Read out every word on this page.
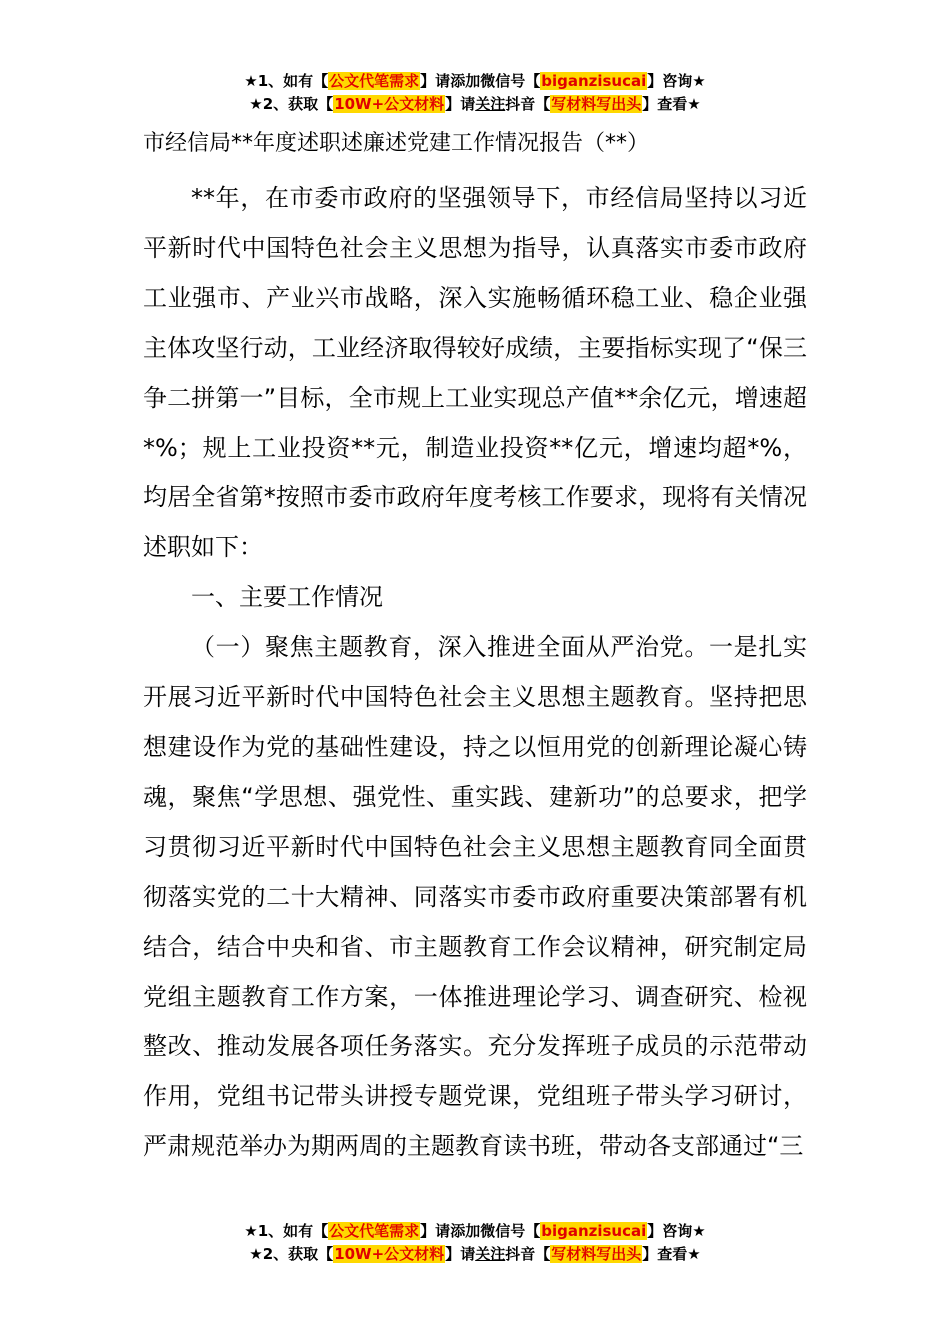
★1、如有【公文代笔需求】请添加微信号【biganzisucai】咨询★
★2、获取【10W+公文材料】请关注抖音【写材料写出头】查看★
市经信局**年度述职述廉述党建工作情况报告（**）

**年，在市委市政府的坚强领导下，市经信局坚持以习近平新时代中国特色社会主义思想为指导，认真落实市委市政府工业强市、产业兴市战略，深入实施畅循环稳工业、稳企业强主体攻坚行动，工业经济取得较好成绩，主要指标实现了“保三争二拼第一”目标，全市规上工业实现总产值**余亿元，增速超*%；规上工业投资**元，制造业投资**亿元，增速均超*%，均居全省第*按照市委市政府年度考核工作要求，现将有关情况述职如下：

一、主要工作情况

（一）聚焦主题教育，深入推进全面从严治党。一是扎实开展习近平新时代中国特色社会主义思想主题教育。坚持把思想建设作为党的基础性建设，持之以恒用党的创新理论凝心铸魂，聚焦“学思想、强党性、重实践、建新功”的总要求，把学习贯彻习近平新时代中国特色社会主义思想主题教育同全面贯彻落实党的二十大精神、同落实市委市政府重要决策部署有机结合，结合中央和省、市主题教育工作会议精神，研究制定局党组主题教育工作方案，一体推进理论学习、调查研究、检视整改、推动发展各项任务落实。充分发挥班子成员的示范带动作用，党组书记带头讲授专题党课，党组班子带头学习研讨，严肃规范举办为期两周的主题教育读书班，带动各支部通过“三

★1、如有【公文代笔需求】请添加微信号【biganzisucai】咨询★
★2、获取【10W+公文材料】请关注抖音【写材料写出头】查看★
